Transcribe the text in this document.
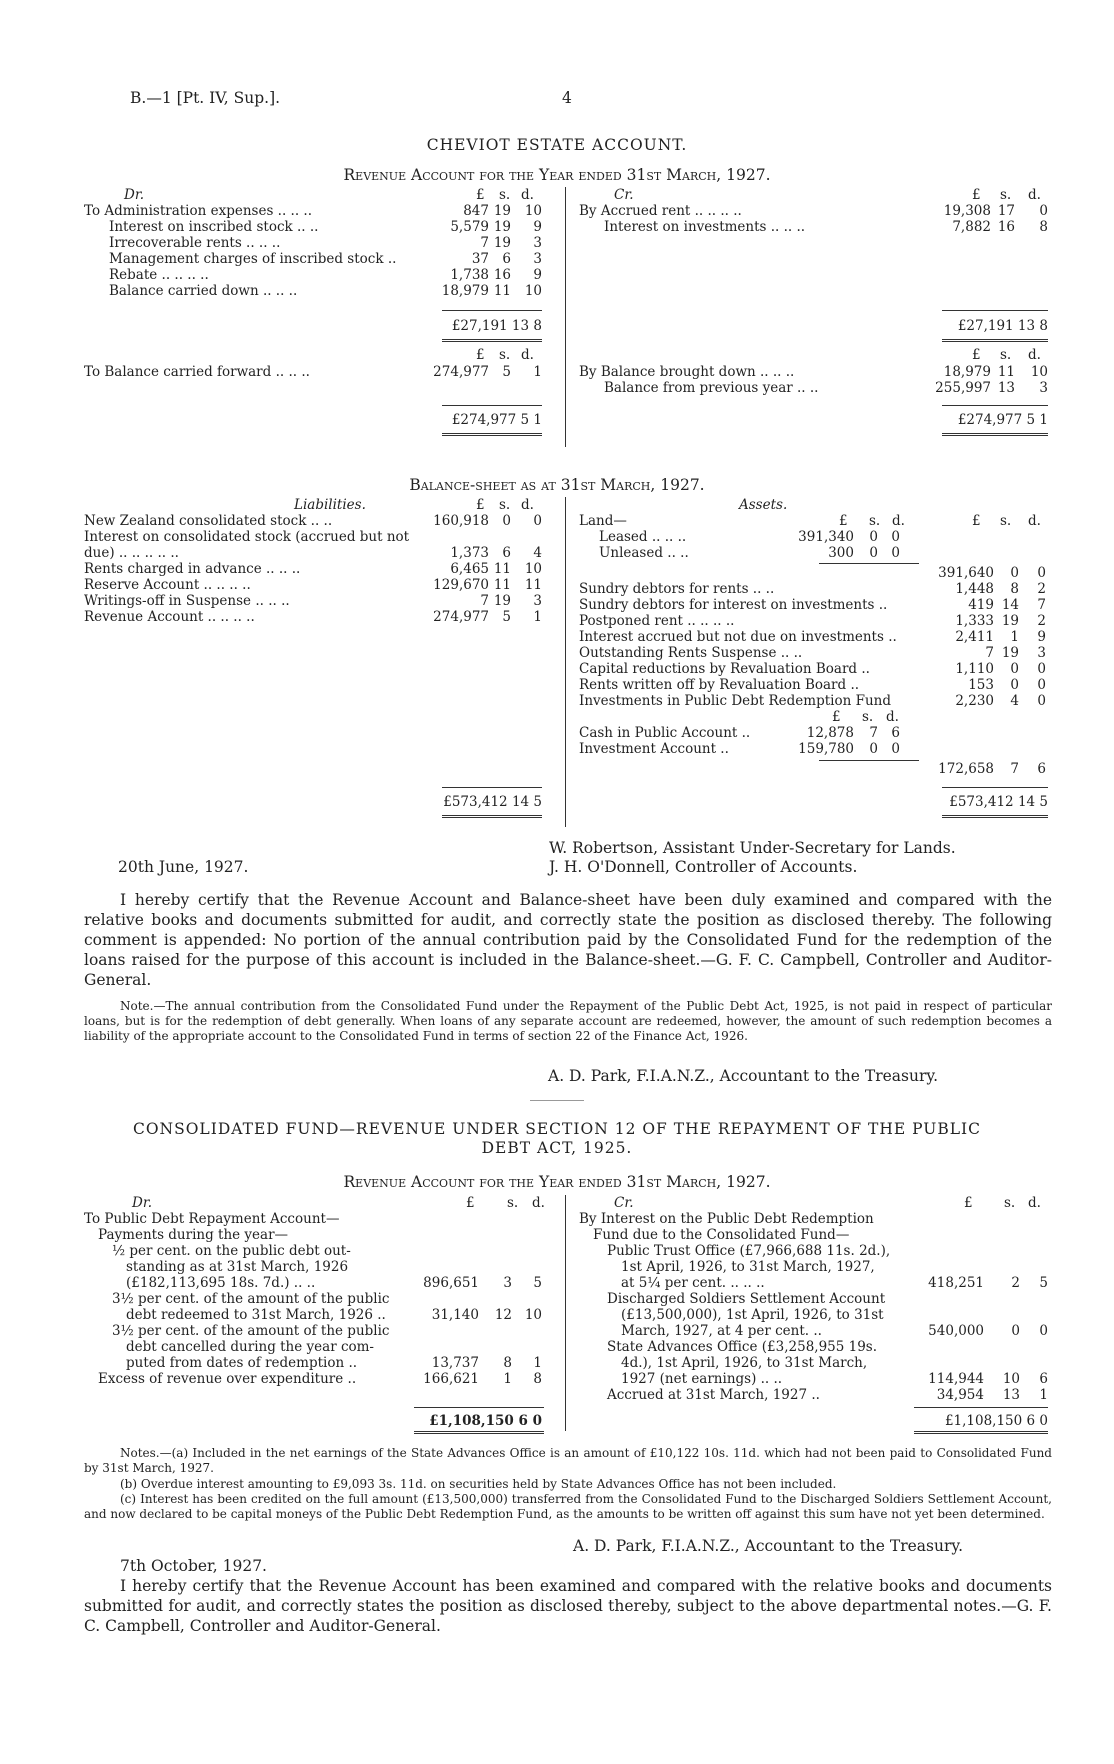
B.—1 [Pt. IV, Sup.].	4
CHEVIOT ESTATE ACCOUNT.
Revenue Account for the Year ended 31st March, 1927.
Dr.	Cr.
£ s. d.	£ s. d.
To Administration expenses .. .. ..	847 19	10
Interest on inscribed stock .. ..	5,579 19	9
Irrecoverable rents .. .. ..	7 19	3
Management charges of inscribed stock ..	37 6	3
Rebate .. .. .. ..	1,738 16	9
Balance carried down .. .. ..	18,979 11	10
By Accrued rent .. .. .. ..	19,308 17	0
Interest on investments .. .. ..	7,882 16	8
£27,191 13 8	£27,191 13 8
£ s. d.	£ s. d.
To Balance carried forward .. .. ..	274,977 5	1	By Balance brought down .. .. ..	18,979 11	10
Balance from previous year .. ..	255,997 13	3
£274,977 5 1	£274,977 5 1
Balance-sheet as at 31st March, 1927.
Liabilities.	Assets.
£ s. d.
£ s. d.	£ s. d.
New Zealand consolidated stock .. ..	160,918 0	0
Interest on consolidated stock (accrued but not
due) .. .. .. .. ..	1,373 6	4
Rents charged in advance .. .. ..	6,465 11	10
Reserve Account .. .. .. ..	129,670 11	11
Writings-off in Suspense .. .. ..	7 19	3
Revenue Account .. .. .. ..	274,977 5	1
Land—
Leased .. .. ..	391,340	0 0
Unleased .. ..	300	0 0
391,640	0	0
Sundry debtors for rents .. ..	1,448	8	2
Sundry debtors for interest on investments ..	419 14	7
Postponed rent .. .. .. ..	1,333 19	2
Interest accrued but not due on investments ..	2,411	1	9
Outstanding Rents Suspense .. ..	7 19	3
Capital reductions by Revaluation Board ..	1,110	0	0
Rents written off by Revaluation Board ..	153	0	0
Investments in Public Debt Redemption Fund	2,230	4	0
£ s. d.
Cash in Public Account ..	12,878	7 6
Investment Account ..	159,780	0 0
172,658	7	6
£573,412 14 5	£573,412 14 5
W. Robertson, Assistant Under-Secretary for Lands.
20th June, 1927.	J. H. O'Donnell, Controller of Accounts.
I hereby certify that the Revenue Account and Balance-sheet have been duly examined and compared with the relative books and documents submitted for audit, and correctly state the position as disclosed thereby. The following comment is appended: No portion of the annual contribution paid by the Consolidated Fund for the redemption of the loans raised for the purpose of this account is included in the Balance-sheet.—G. F. C. Campbell, Controller and Auditor-General.
Note.—The annual contribution from the Consolidated Fund under the Repayment of the Public Debt Act, 1925, is not paid in respect of particular loans, but is for the redemption of debt generally. When loans of any separate account are redeemed, however, the amount of such redemption becomes a liability of the appropriate account to the Consolidated Fund in terms of section 22 of the Finance Act, 1926.
A. D. Park, F.I.A.N.Z., Accountant to the Treasury.
CONSOLIDATED FUND—REVENUE UNDER SECTION 12 OF THE REPAYMENT OF THE PUBLIC
DEBT ACT, 1925.
Revenue Account for the Year ended 31st March, 1927.
Dr.	Cr.
£ s. d.	£ s. d.
To Public Debt Repayment Account—
Payments during the year—
½ per cent. on the public debt out-
standing as at 31st March, 1926
(£182,113,695 18s. 7d.) .. ..	896,651	3	5
3½ per cent. of the amount of the public
debt redeemed to 31st March, 1926 ..	31,140	12 10
3½ per cent. of the amount of the public
debt cancelled during the year com-
puted from dates of redemption ..	13,737	8	1
Excess of revenue over expenditure ..	166,621	1	8
By Interest on the Public Debt Redemption
Fund due to the Consolidated Fund—
Public Trust Office (£7,966,688 11s. 2d.),
1st April, 1926, to 31st March, 1927,
at 5¼ per cent. .. .. ..	418,251	2	5
Discharged Soldiers Settlement Account
(£13,500,000), 1st April, 1926, to 31st
March, 1927, at 4 per cent. ..	540,000	0	0
State Advances Office (£3,258,955 19s.
4d.), 1st April, 1926, to 31st March,
1927 (net earnings) .. ..	114,944	10	6
Accrued at 31st March, 1927 ..	34,954	13	1
£1,108,150 6 0	£1,108,150 6 0
Notes.—(a) Included in the net earnings of the State Advances Office is an amount of £10,122 10s. 11d. which had not been paid to Consolidated Fund by 31st March, 1927.
(b) Overdue interest amounting to £9,093 3s. 11d. on securities held by State Advances Office has not been included.
(c) Interest has been credited on the full amount (£13,500,000) transferred from the Consolidated Fund to the Discharged Soldiers Settlement Account, and now declared to be capital moneys of the Public Debt Redemption Fund, as the amounts to be written off against this sum have not yet been determined.
A. D. Park, F.I.A.N.Z., Accountant to the Treasury.
7th October, 1927.
I hereby certify that the Revenue Account has been examined and compared with the relative books and documents submitted for audit, and correctly states the position as disclosed thereby, subject to the above departmental notes.—G. F. C. Campbell, Controller and Auditor-General.
